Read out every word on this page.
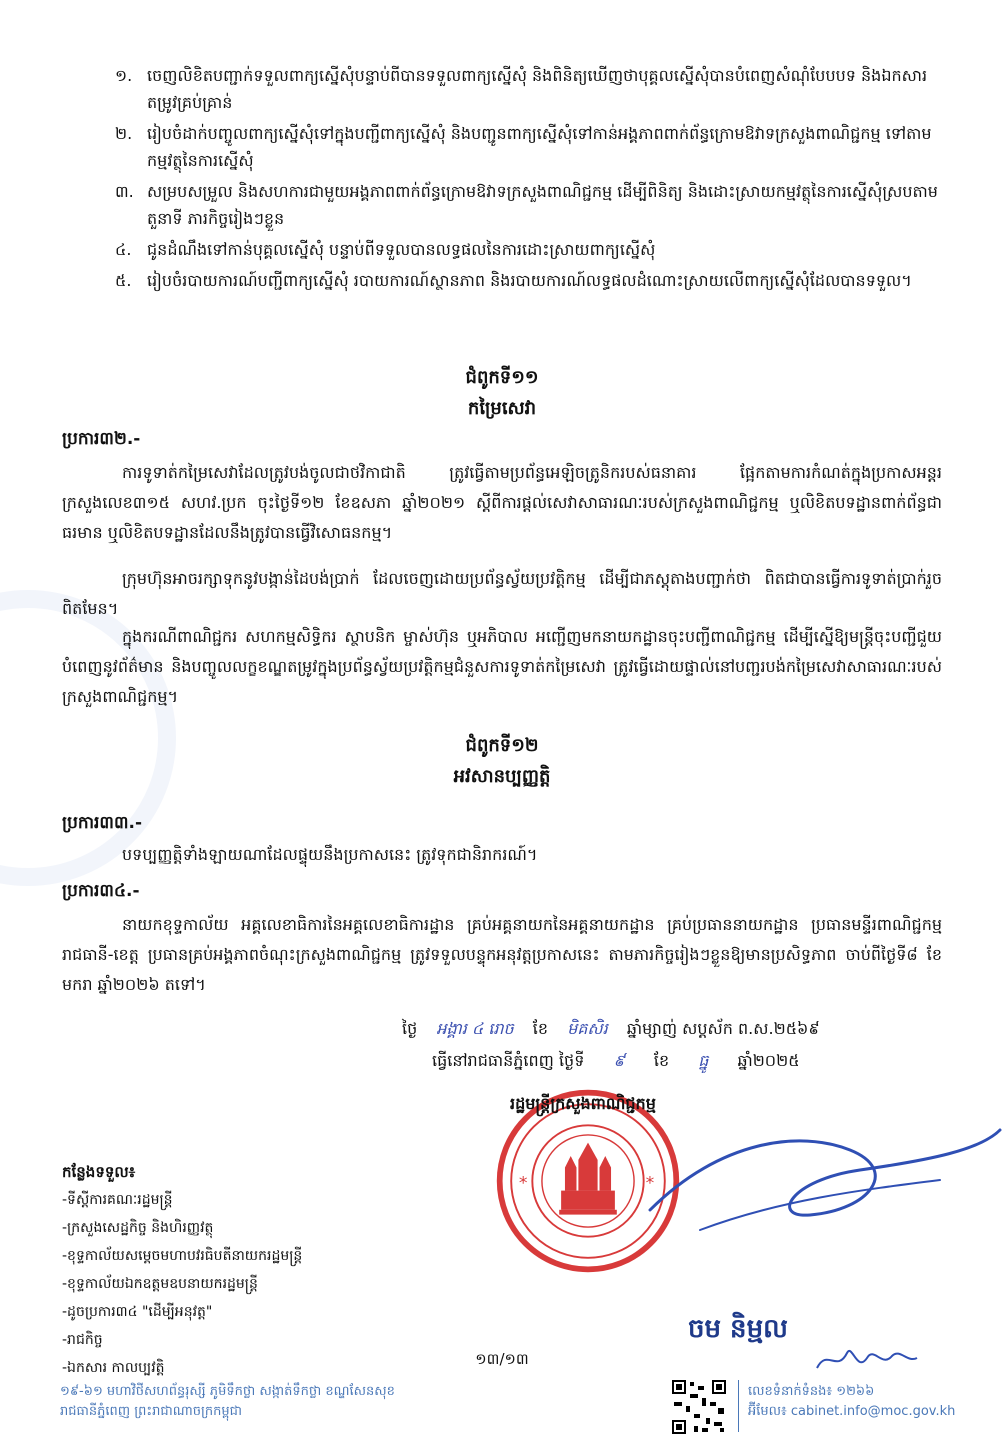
១. ចេញលិខិតបញ្ជាក់ទទួលពាក្យស្នើសុំបន្ទាប់ពីបានទទួលពាក្យស្នើសុំ និងពិនិត្យឃើញថាបុគ្គលស្នើសុំបានបំពេញសំណុំបែបបទ និងឯកសារតម្រូវគ្រប់គ្រាន់
២. រៀបចំដាក់បញ្ចូលពាក្យស្នើសុំទៅក្នុងបញ្ជីពាក្យស្នើសុំ និងបញ្ជូនពាក្យស្នើសុំទៅកាន់អង្គភាពពាក់ព័ន្ធក្រោមឱវាទក្រសួងពាណិជ្ជកម្ម ទៅតាមកម្មវត្ថុនៃការស្នើសុំ
៣. សម្របសម្រួល និងសហការជាមួយអង្គភាពពាក់ព័ន្ធក្រោមឱវាទក្រសួងពាណិជ្ជកម្ម ដើម្បីពិនិត្យ និងដោះស្រាយកម្មវត្ថុនៃការស្នើសុំស្របតាមតួនាទី ភារកិច្ចរៀងៗខ្លួន
៤. ជូនដំណឹងទៅកាន់បុគ្គលស្នើសុំ បន្ទាប់ពីទទួលបានលទ្ធផលនៃការដោះស្រាយពាក្យស្នើសុំ
៥. រៀបចំរបាយការណ៍បញ្ជីពាក្យស្នើសុំ របាយការណ៍ស្ថានភាព និងរបាយការណ៍លទ្ធផលដំណោះស្រាយលើពាក្យស្នើសុំដែលបានទទួល។
ជំពូកទី១១
កម្រៃសេវា
ប្រការ៣២.-
ការទូទាត់កម្រៃសេវាដែលត្រូវបង់ចូលជាថវិកាជាតិ ត្រូវធ្វើតាមប្រព័ន្ធអេឡិចត្រូនិករបស់ធនាគារ ផ្អែកតាមការកំណត់ក្នុងប្រកាសអន្តរក្រសួងលេខ៣១៥ សហវ.ប្រក ចុះថ្ងៃទី១២ ខែឧសភា ឆ្នាំ២០២១ ស្តីពីការផ្តល់សេវាសាធារណៈរបស់ក្រសួងពាណិជ្ជកម្ម ឬលិខិតបទដ្ឋានពាក់ព័ន្ធជាធរមាន ឬលិខិតបទដ្ឋានដែលនឹងត្រូវបានធ្វើវិសោធនកម្ម។
ក្រុមហ៊ុនអាចរក្សាទុកនូវបង្កាន់ដៃបង់ប្រាក់ ដែលចេញដោយប្រព័ន្ធស្វ័យប្រវត្តិកម្ម ដើម្បីជាភស្តុតាងបញ្ជាក់ថា ពិតជាបានធ្វើការទូទាត់ប្រាក់រួចពិតមែន។
ក្នុងករណីពាណិជ្ជករ សហកម្មសិទ្ធិករ ស្ថាបនិក ម្ចាស់ហ៊ុន ឬអភិបាល អញ្ជើញមកនាយកដ្ឋានចុះបញ្ជីពាណិជ្ជកម្ម ដើម្បីស្នើឱ្យមន្ត្រីចុះបញ្ជីជួយបំពេញនូវព័ត៌មាន និងបញ្ចូលលក្ខខណ្ឌតម្រូវក្នុងប្រព័ន្ធស្វ័យប្រវត្តិកម្មជំនួសការទូទាត់កម្រៃសេវា ត្រូវធ្វើដោយផ្ទាល់នៅបញ្ជរបង់កម្រៃសេវាសាធារណៈរបស់ក្រសួងពាណិជ្ជកម្ម។
ជំពូកទី១២
អវសានប្បញ្ញត្តិ
ប្រការ៣៣.-
បទប្បញ្ញត្តិទាំងឡាយណាដែលផ្ទុយនឹងប្រកាសនេះ ត្រូវទុកជានិរាករណ៍។
ប្រការ៣៤.-
នាយកខុទ្ទកាល័យ អគ្គលេខាធិការនៃអគ្គលេខាធិការដ្ឋាន គ្រប់អគ្គនាយកនៃអគ្គនាយកដ្ឋាន គ្រប់ប្រធាននាយកដ្ឋាន ប្រធានមន្ទីរពាណិជ្ជកម្មរាជធានី-ខេត្ត ប្រធានគ្រប់អង្គភាពចំណុះក្រសួងពាណិជ្ជកម្ម ត្រូវទទួលបន្ទុកអនុវត្តប្រកាសនេះ តាមភារកិច្ចរៀងៗខ្លួនឱ្យមានប្រសិទ្ធភាព ចាប់ពីថ្ងៃទី៨ ខែមករា ឆ្នាំ២០២៦ តទៅ។
ថ្ងៃ អង្គារ ៤ រោច ខែ មិគសិរ ឆ្នាំម្សាញ់ សប្តស័ក ព.ស.២៥៦៩
ធ្វើនៅរាជធានីភ្នំពេញ ថ្ងៃទី ៩ ខែ ធ្នូ ឆ្នាំ២០២៥
*	*
រដ្ឋមន្ត្រីក្រសួងពាណិជ្ជកម្ម
កន្លែងទទួល៖
-ទីស្តីការគណៈរដ្ឋមន្ត្រី
-ក្រសួងសេដ្ឋកិច្ច និងហិរញ្ញវត្ថុ
-ខុទ្ទកាល័យសម្តេចមហាបវរធិបតីនាយករដ្ឋមន្ត្រី
-ខុទ្ទកាល័យឯកឧត្តមឧបនាយករដ្ឋមន្ត្រី
-ដូចប្រការ៣៤ "ដើម្បីអនុវត្ត"
-រាជកិច្ច
-ឯកសារ កាលប្បវត្តិ
ចម និម្មល
១៣/១៣
១៩-៦១ មហាវិថីសហព័ន្ធរុស្សី ភូមិទឹកថ្លា សង្កាត់ទឹកថ្លា ខណ្ឌសែនសុខ
រាជធានីភ្នំពេញ ព្រះរាជាណាចក្រកម្ពុជា
លេខទំនាក់ទំនង៖ ១២៦៦
អ៊ីមែល៖ cabinet.info@moc.gov.kh
